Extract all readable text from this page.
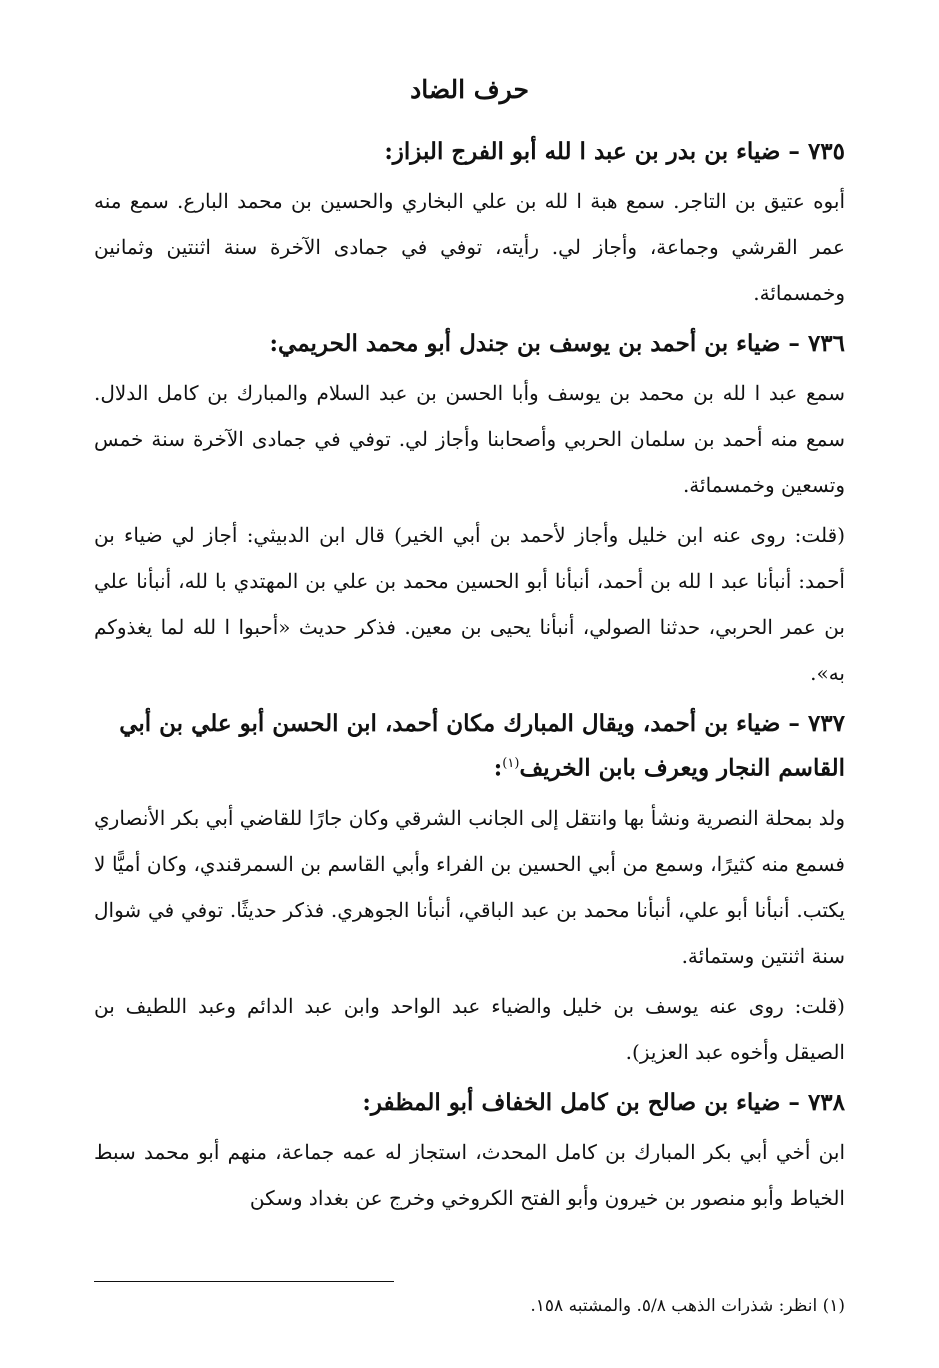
حرف الضاد
٧٣٥ –ضياء بن بدر بن عبد ا لله أبو الفرج البزاز:

أبوه عتيق بن التاجر. سمع هبة ا لله بن علي البخاري والحسين بن محمد البارع. سمع منه عمر القرشي وجماعة، وأجاز لي. رأيته، توفي في جمادى الآخرة سنة اثنتين وثمانين وخمسمائة.

٧٣٦ –ضياء بن أحمد بن يوسف بن جندل أبو محمد الحريمي:

سمع عبد ا لله بن محمد بن يوسف وأبا الحسن بن عبد السلام والمبارك بن كامل الدلال. سمع منه أحمد بن سلمان الحربي وأصحابنا وأجاز لي. توفي في جمادى الآخرة سنة خمس وتسعين وخمسمائة.

(قلت: روى عنه ابن خليل وأجاز لأحمد بن أبي الخير) قال ابن الدبيثي: أجاز لي ضياء بن أحمد: أنبأنا عبد ا لله بن أحمد، أنبأنا أبو الحسين محمد بن علي بن المهتدي با لله، أنبأنا علي بن عمر الحربي، حدثنا الصولي، أنبأنا يحيى بن معين. فذكر حديث «أحبوا ا لله لما يغذوكم به».

٧٣٧ –ضياء بن أحمد، ويقال المبارك مكان أحمد، ابن الحسن أبو علي بن أبي القاسم النجار ويعرف بابن الخريف$^{(١)}$:

ولد بمحلة النصرية ونشأ بها وانتقل إلى الجانب الشرقي وكان جارًا للقاضي أبي بكر الأنصاري فسمع منه كثيرًا، وسمع من أبي الحسين بن الفراء وأبي القاسم بن السمرقندي، وكان أميًّا لا يكتب. أنبأنا أبو علي، أنبأنا محمد بن عبد الباقي، أنبأنا الجوهري. فذكر حديثًا. توفي في شوال سنة اثنتين وستمائة.

(قلت: روى عنه يوسف بن خليل والضياء عبد الواحد وابن عبد الدائم وعبد اللطيف بن الصيقل وأخوه عبد العزيز).

٧٣٨ –ضياء بن صالح بن كامل الخفاف أبو المظفر:

ابن أخي أبي بكر المبارك بن كامل المحدث، استجاز له عمه جماعة، منهم أبو محمد سبط الخياط وأبو منصور بن خيرون وأبو الفتح الكروخي وخرج عن بغداد وسكن

(١) انظر: شذرات الذهب ٥/٨. والمشتبه ١٥٨.
